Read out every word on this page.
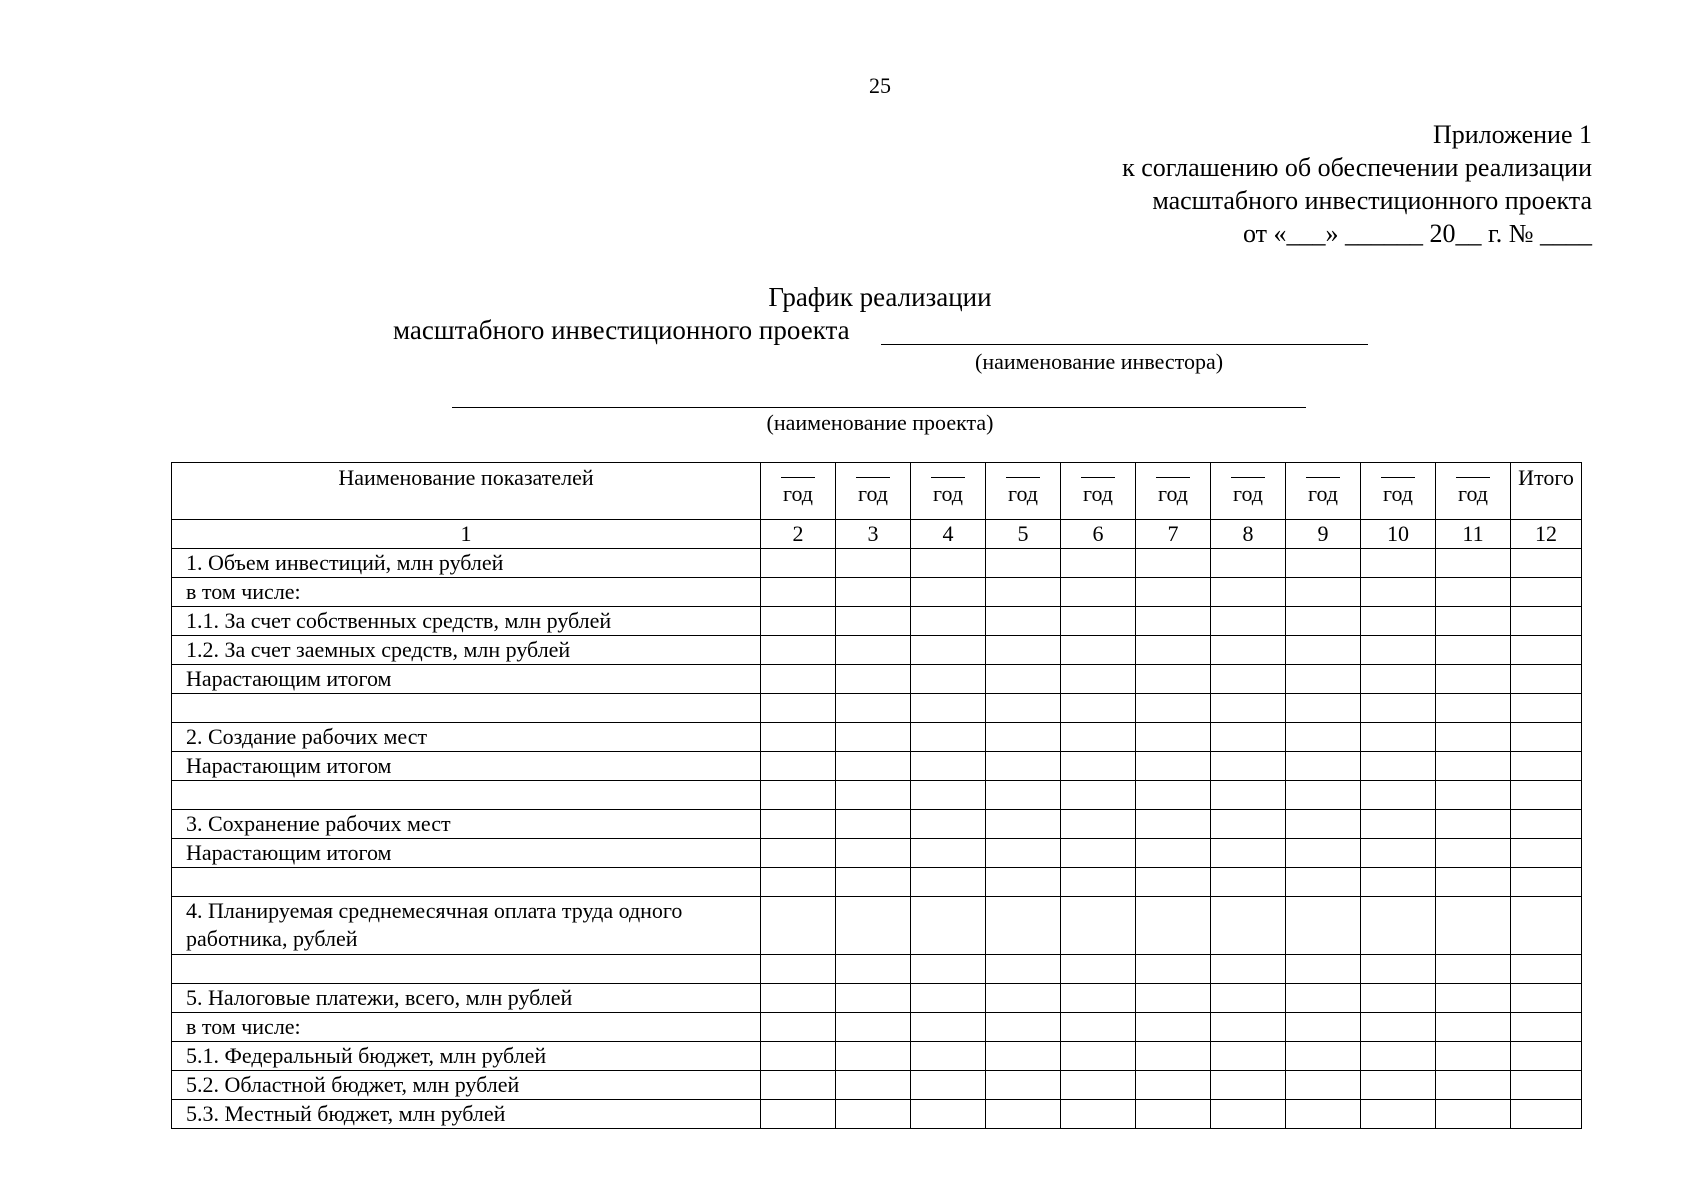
25
Приложение 1
к соглашению об обеспечении реализации
масштабного инвестиционного проекта
от «___» ______ 20__ г. № ____
График реализации
масштабного инвестиционного проекта
(наименование инвестора)
(наименование проекта)
Наименование показателей	год	год	год	год	год	год	год	год	год	год	Итого
1	2	3	4	5	6	7	8	9	10	11	12
1. Объем инвестиций, млн рублей											
в том числе:											
1.1. За счет собственных средств, млн рублей											
1.2. За счет заемных средств, млн рублей											
Нарастающим итогом											

2. Создание рабочих мест											
Нарастающим итогом											

3. Сохранение рабочих мест											
Нарастающим итогом											

4. Планируемая среднемесячная оплата труда одного работника, рублей											

5. Налоговые платежи, всего, млн рублей											
в том числе:											
5.1. Федеральный бюджет, млн рублей											
5.2. Областной бюджет, млн рублей											
5.3. Местный бюджет, млн рублей											
